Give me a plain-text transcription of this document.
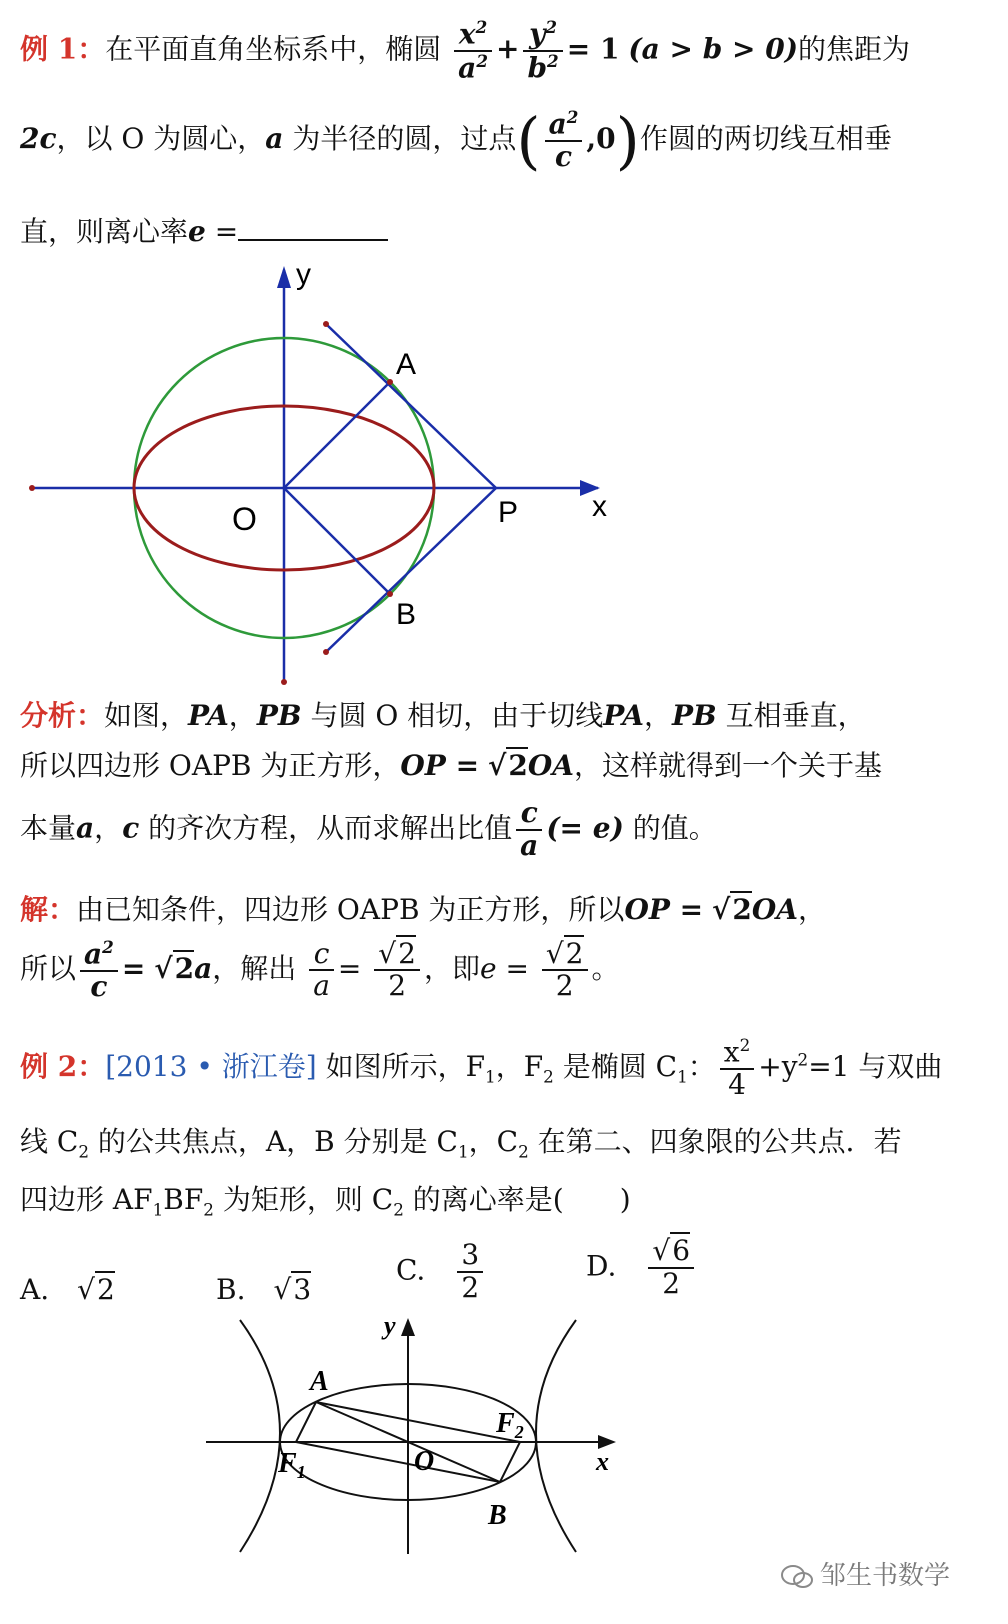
例 1：在平面直角坐标系中，椭圆 $\frac{x^2}{a^2} + \frac{y^2}{b^2} = 1$ (a > b > 0)的焦距为
2c，以 O 为圆心，a 为半径的圆，过点( $\frac{a^2}{c} ,0$)作圆的两切线互相垂
直，则离心率e =
y
x
A
B
O	P
分析：如图，PA，PB 与圆 O 相切，由于切线PA，PB 互相垂直，
所以四边形 OAPB 为正方形，OP = √2OA，这样就得到一个关于基
本量a，c 的齐次方程，从而求解出比值 $\frac{c}{a}$ (= e) 的值。
解：由已知条件，四边形 OAPB 为正方形，所以OP = √2OA，
所以 $\frac{a^2}{c} = √2a$，解出 $\frac{c}{a} = \frac{√2}{2}$ ，即$e = \frac{√2}{2}$ 。
例 2：[2013 • 浙江卷] 如图所示，$F_1$，$F_2$ 是椭圆 $C_1$： $\frac{x^2}{4} +y^2=1$ 与双曲
线 $C_2$ 的公共焦点，A，B 分别是 $C_1$，$C_2$ 在第二、四象限的公共点．若
四边形 $AF_1BF_2$ 为矩形，则 $C_2$ 的离心率是(　　)
A.　√2	B.　√3
C.　 $\frac{3}{2}$	D.　 $\frac{√6}{2}$
y
x
A
B
O
$F_1$
$F_2$
邹生书数学
